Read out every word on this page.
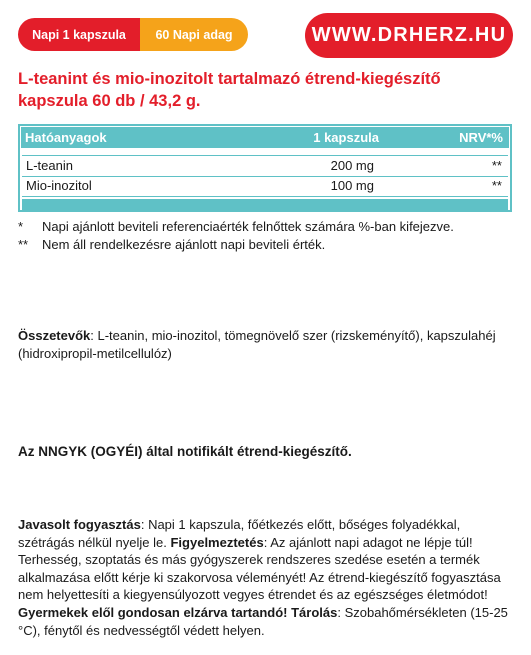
Napi 1 kapszula	60 Napi adag	WWW.DRHERZ.HU
L-teanint és mio-inozitolt tartalmazó étrend-kiegészítő kapszula 60 db / 43,2 g.
Hatóanyagok	1 kapszula	NRV*%
L-teanin	200 mg	**
Mio-inozitol	100 mg	**
* Napi ajánlott beviteli referenciaérték felnőttek számára %-ban kifejezve.
** Nem áll rendelkezésre ajánlott napi beviteli érték.
Összetevők: L-teanin, mio-inozitol, tömegnövelő szer (rizskeményítő), kapszulahéj (hidroxipropil-metilcellulóz)
Az NNGYK (OGYÉI) által notifikált étrend-kiegészítő.
Javasolt fogyasztás: Napi 1 kapszula, főétkezés előtt, bőséges folyadékkal, szétrágás nélkül nyelje le. Figyelmeztetés: Az ajánlott napi adagot ne lépje túl! Terhesség, szoptatás és más gyógyszerek rendszeres szedése esetén a termék alkalmazása előtt kérje ki szakorvosa véleményét! Az étrend-kiegészítő fogyasztása nem helyettesíti a kiegyensúlyozott vegyes étrendet és az egészséges életmódot! Gyermekek elől gondosan elzárva tartandó! Tárolás: Szobahőmérsékleten (15-25 °C), fénytől és nedvességtől védett helyen.
